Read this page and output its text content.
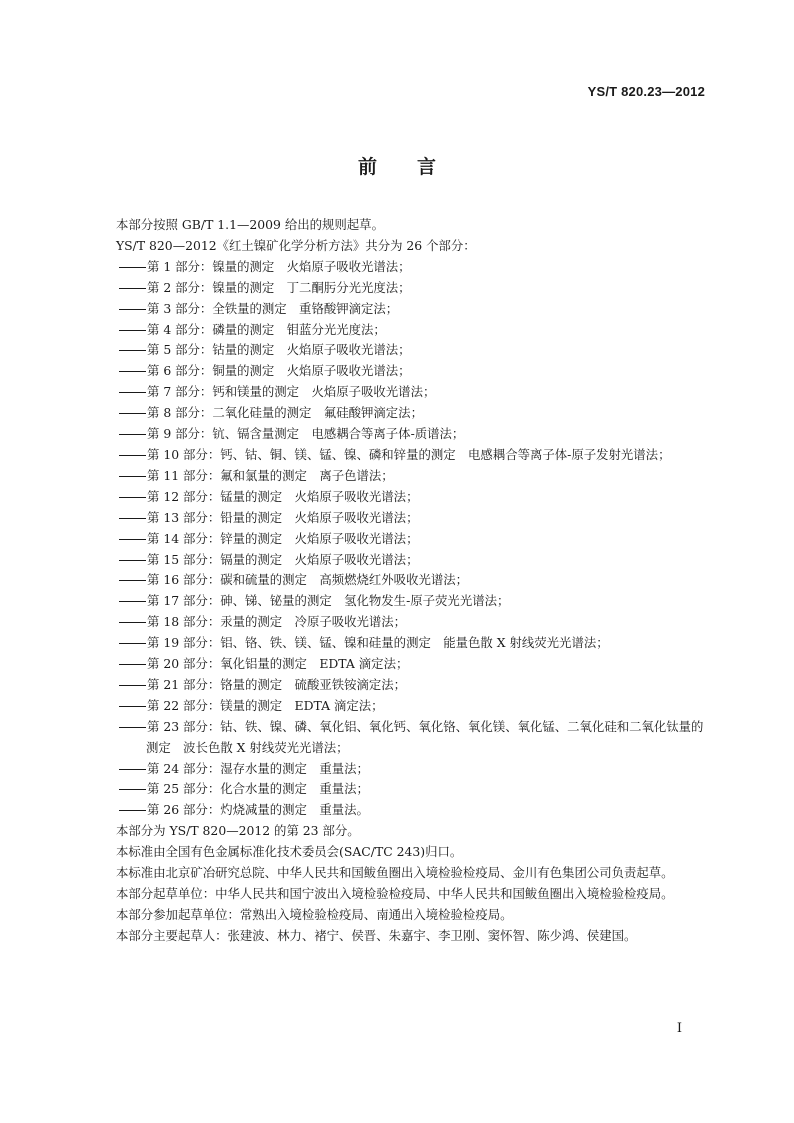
YS/T 820.23—2012
前言
本部分按照 GB/T 1.1—2009 给出的规则起草。
YS/T 820—2012《红土镍矿化学分析方法》共分为 26 个部分：
第 1 部分：镍量的测定　火焰原子吸收光谱法；
第 2 部分：镍量的测定　丁二酮肟分光光度法；
第 3 部分：全铁量的测定　重铬酸钾滴定法；
第 4 部分：磷量的测定　钼蓝分光光度法；
第 5 部分：钴量的测定　火焰原子吸收光谱法；
第 6 部分：铜量的测定　火焰原子吸收光谱法；
第 7 部分：钙和镁量的测定　火焰原子吸收光谱法；
第 8 部分：二氧化硅量的测定　氟硅酸钾滴定法；
第 9 部分：钪、镉含量测定　电感耦合等离子体-质谱法；
第 10 部分：钙、钴、铜、镁、锰、镍、磷和锌量的测定　电感耦合等离子体-原子发射光谱法；
第 11 部分：氟和氯量的测定　离子色谱法；
第 12 部分：锰量的测定　火焰原子吸收光谱法；
第 13 部分：铅量的测定　火焰原子吸收光谱法；
第 14 部分：锌量的测定　火焰原子吸收光谱法；
第 15 部分：镉量的测定　火焰原子吸收光谱法；
第 16 部分：碳和硫量的测定　高频燃烧红外吸收光谱法；
第 17 部分：砷、锑、铋量的测定　氢化物发生-原子荧光光谱法；
第 18 部分：汞量的测定　冷原子吸收光谱法；
第 19 部分：铝、铬、铁、镁、锰、镍和硅量的测定　能量色散 X 射线荧光光谱法；
第 20 部分：氧化铝量的测定　EDTA 滴定法；
第 21 部分：铬量的测定　硫酸亚铁铵滴定法；
第 22 部分：镁量的测定　EDTA 滴定法；
第 23 部分：钴、铁、镍、磷、氧化铝、氧化钙、氧化铬、氧化镁、氧化锰、二氧化硅和二氧化钛量的测定　波长色散 X 射线荧光光谱法；
第 24 部分：湿存水量的测定　重量法；
第 25 部分：化合水量的测定　重量法；
第 26 部分：灼烧减量的测定　重量法。
本部分为 YS/T 820—2012 的第 23 部分。
本标准由全国有色金属标准化技术委员会(SAC/TC 243)归口。
本标准由北京矿冶研究总院、中华人民共和国鲅鱼圈出入境检验检疫局、金川有色集团公司负责起草。
本部分起草单位：中华人民共和国宁波出入境检验检疫局、中华人民共和国鲅鱼圈出入境检验检疫局。
本部分参加起草单位：常熟出入境检验检疫局、南通出入境检验检疫局。
本部分主要起草人：张建波、林力、褚宁、侯晋、朱嘉宇、李卫刚、窦怀智、陈少鸿、侯建国。
I
